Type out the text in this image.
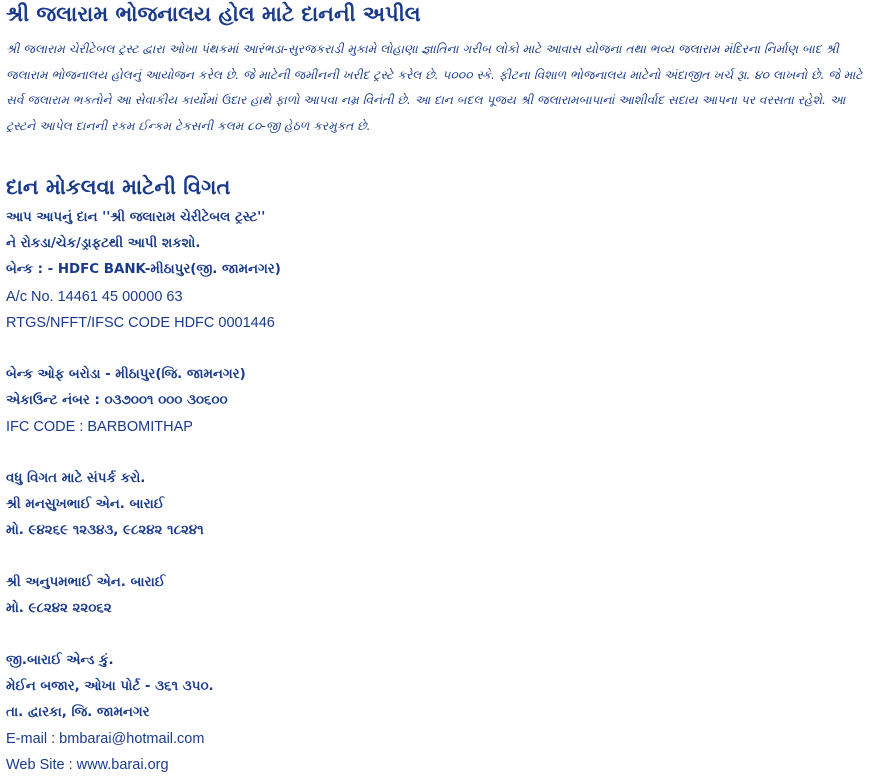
શ્રી જલારામ ભોજનાલય હોલ માટે દાનની અપીલ

શ્રી જલારામ ચેરીટેબલ ટ્રસ્ટ દ્વારા ઓખા પંથકમાં આરંભડા-સુરજકરાડી મુકામે લોહાણા જ્ઞાતિના ગરીબ લોકો માટે આવાસ યોજના તથા ભવ્ય જલારામ મંદિરના નિર્માણ બાદ શ્રી જલારામ ભોજનાલય હોલનું આયોજન કરેલ છે. જે માટેની જમીનની ખરીદ ટ્રસ્ટે કરેલ છે. ૫૦૦૦ સ્કે. ફીટના વિશાળ ભોજનાલય માટેનો અંદાજીત ખર્ચ રૂા. ૪૦ લાખનો છે. જે માટે સર્વ જલારામ ભકતોને આ સેવાકીય કાર્યોમાં ઉદાર હાથે ફાળો આપવા નમ્ર વિનંતી છે. આ દાન બદલ પૂજય શ્રી જલારામબાપાનાં આશીર્વાદ સદાય આપના પર વરસતા રહેશે. આ ટ્રસ્ટને આપેલ દાનની રકમ ઈન્કમ ટેકસની કલમ ૮૦-જી હેઠળ કરમુકત છે.

દાન મોકલવા માટેની વિગત
આપ આપનું દાન ''શ્રી જલારામ ચેરીટેબલ ટ્રસ્ટ''
ને રોકડા/ચેક/ડ્રાફટથી આપી શકશો.
બેન્ક : - HDFC BANK-મીઠાપુર(જી. જામનગર)
A/c No. 14461 45 00000 63
RTGS/NFFT/IFSC CODE HDFC 0001446
બેન્ક ઓફ બરોડા - મીઠાપુર(જિ. જામનગર)
એકાઉન્ટ નંબર : ૦૩૭૦૦૧ ૦૦૦ ૩૦૬૦૦
IFC CODE : BARBOMITHAP
વધુ વિગત માટે સંપર્ક કરો.
શ્રી મનસુખભાઈ એન. બારાઈ
મો. ૯૪૨૬૯ ૧૨૩૪૩, ૯૮૨૪૨ ૧૮૨૪૧
શ્રી અનુપમભાઈ એન. બારાઈ
મો. ૯૮૨૪૨ ૨૨૦૬૨
જી.બારાઈ એન્ડ કું.
મેઈન બજાર, ઓખા પોર્ટ - ૩૬૧ ૩૫૦.
તા. દ્વારકા, જિ. જામનગર
E-mail : bmbarai@hotmail.com
Web Site : www.barai.org
